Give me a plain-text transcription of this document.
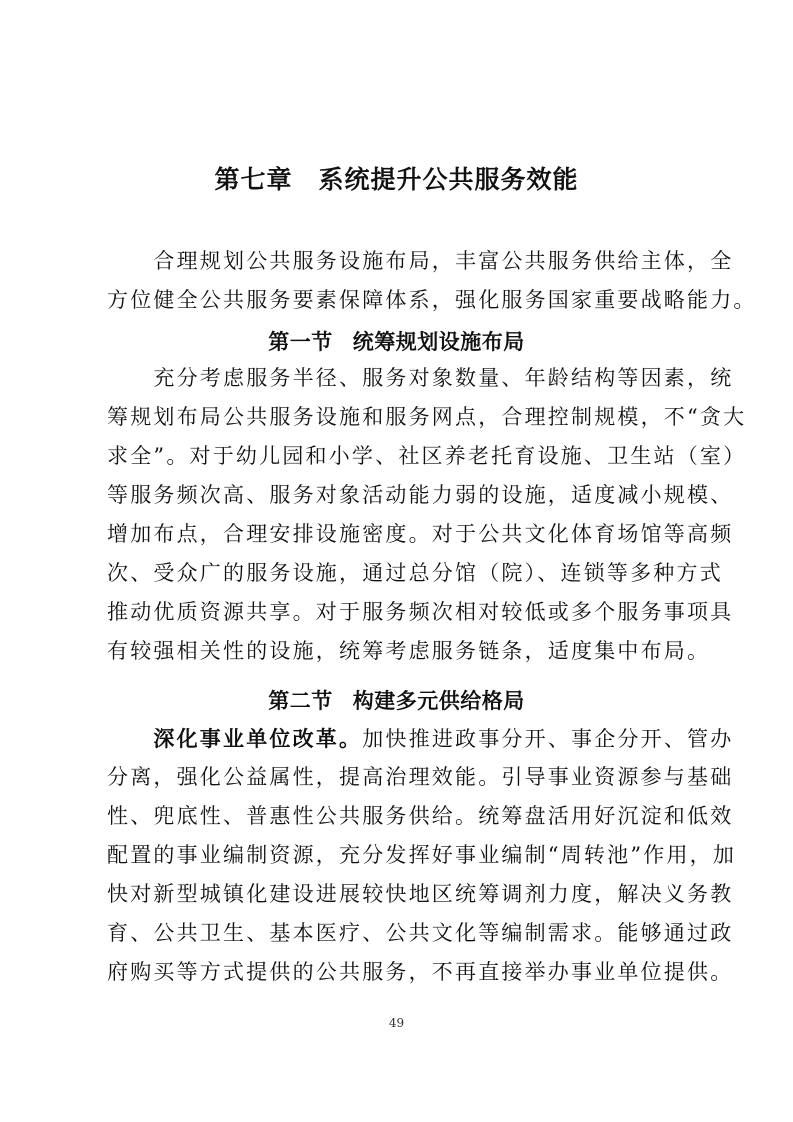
第七章 系统提升公共服务效能
　　合理规划公共服务设施布局，丰富公共服务供给主体，全
方位健全公共服务要素保障体系，强化服务国家重要战略能力。
第一节 统筹规划设施布局
　　充分考虑服务半径、服务对象数量、年龄结构等因素，统
筹规划布局公共服务设施和服务网点，合理控制规模，不“贪大
求全”。对于幼儿园和小学、社区养老托育设施、卫生站（室）
等服务频次高、服务对象活动能力弱的设施，适度减小规模、
增加布点，合理安排设施密度。对于公共文化体育场馆等高频
次、受众广的服务设施，通过总分馆（院）、连锁等多种方式
推动优质资源共享。对于服务频次相对较低或多个服务事项具
有较强相关性的设施，统筹考虑服务链条，适度集中布局。
第二节 构建多元供给格局
　　深化事业单位改革。加快推进政事分开、事企分开、管办
分离，强化公益属性，提高治理效能。引导事业资源参与基础
性、兜底性、普惠性公共服务供给。统筹盘活用好沉淀和低效
配置的事业编制资源，充分发挥好事业编制“周转池”作用，加
快对新型城镇化建设进展较快地区统筹调剂力度，解决义务教
育、公共卫生、基本医疗、公共文化等编制需求。能够通过政
府购买等方式提供的公共服务，不再直接举办事业单位提供。
49
